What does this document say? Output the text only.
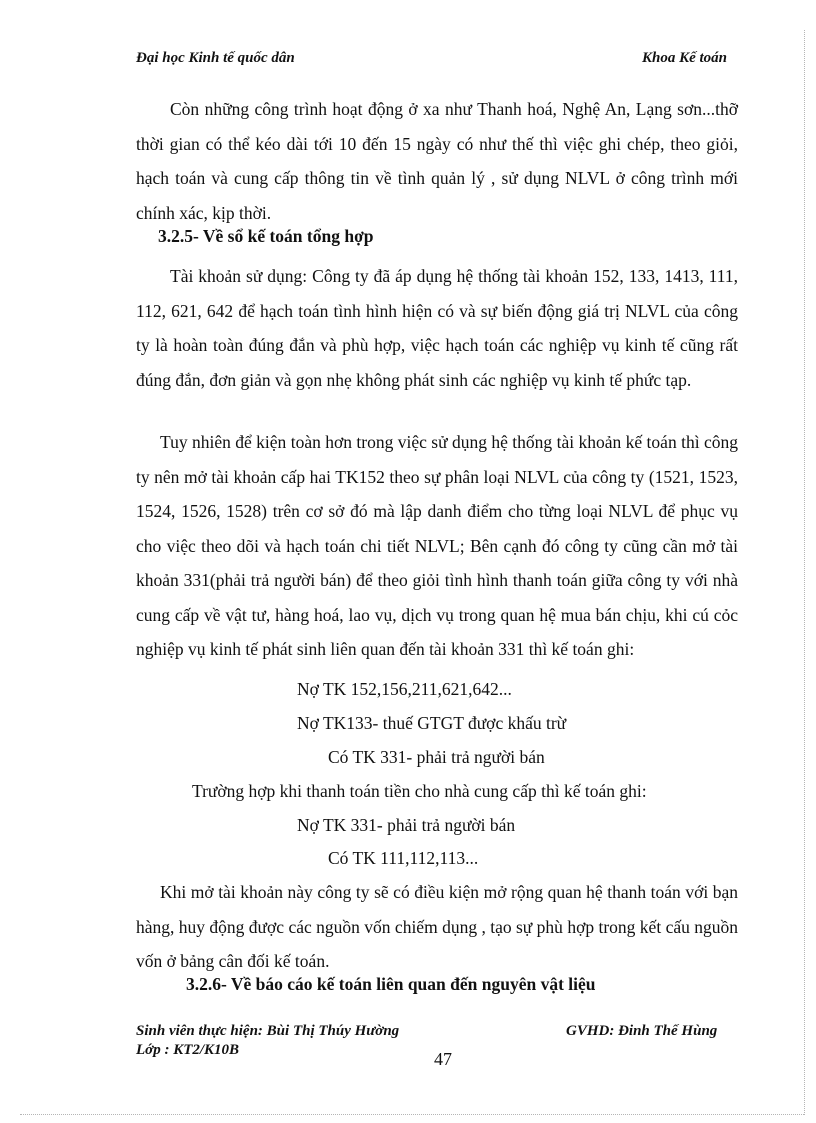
Đại học Kinh tế quốc dân	Khoa Kế toán

Còn những công trình hoạt động ở xa như Thanh hoá, Nghệ An, Lạng sơn...thỡ thời gian có thể kéo dài tới 10 đến 15 ngày có như thế thì việc ghi chép, theo giỏi, hạch toán và cung cấp thông tin về tình quản lý , sử dụng NLVL ở công trình mới chính xác, kịp thời.

3.2.5- Về sổ kế toán tổng hợp

Tài khoản sử dụng: Công ty đã áp dụng hệ thống tài khoản 152, 133, 1413, 111, 112, 621, 642 để hạch toán tình hình hiện có và sự biến động giá trị NLVL của công ty là hoàn toàn đúng đắn và phù hợp, việc hạch toán các nghiệp vụ kinh tế cũng rất đúng đắn, đơn giản và gọn nhẹ không phát sinh các nghiệp vụ kinh tế phức tạp.

Tuy nhiên để kiện toàn hơn trong việc sử dụng hệ thống tài khoản kế toán thì công ty nên mở tài khoản cấp hai TK152 theo sự phân loại NLVL của công ty (1521, 1523, 1524, 1526, 1528) trên cơ sở đó mà lập danh điểm cho từng loại NLVL để phục vụ cho việc theo dõi và hạch toán chi tiết NLVL; Bên cạnh đó công ty cũng cần mở tài khoản 331(phải trả người bán) để theo giỏi tình hình thanh toán giữa công ty với nhà cung cấp về vật tư, hàng hoá, lao vụ, dịch vụ trong quan hệ mua bán chịu, khi cú cỏc nghiệp vụ kinh tế phát sinh liên quan đến tài khoản 331 thì kế toán ghi:

Nợ TK 152,156,211,621,642...

Nợ TK133- thuế GTGT được khấu trừ

Có TK 331- phải trả người bán

Trường hợp khi thanh toán tiền cho nhà cung cấp thì kế toán ghi:

Nợ TK 331- phải trả người bán

Có TK 111,112,113...

Khi mở tài khoản này công ty sẽ có điều kiện mở rộng quan hệ thanh toán với bạn hàng, huy động được các nguồn vốn chiếm dụng , tạo sự phù hợp trong kết cấu nguồn vốn ở bảng cân đối kế toán.

3.2.6- Về báo cáo kế toán liên quan đến nguyên vật liệu

Sinh viên thực hiện: Bùi Thị Thúy Hường
Lớp : KT2/K10B
GVHD: Đinh Thế Hùng
47
